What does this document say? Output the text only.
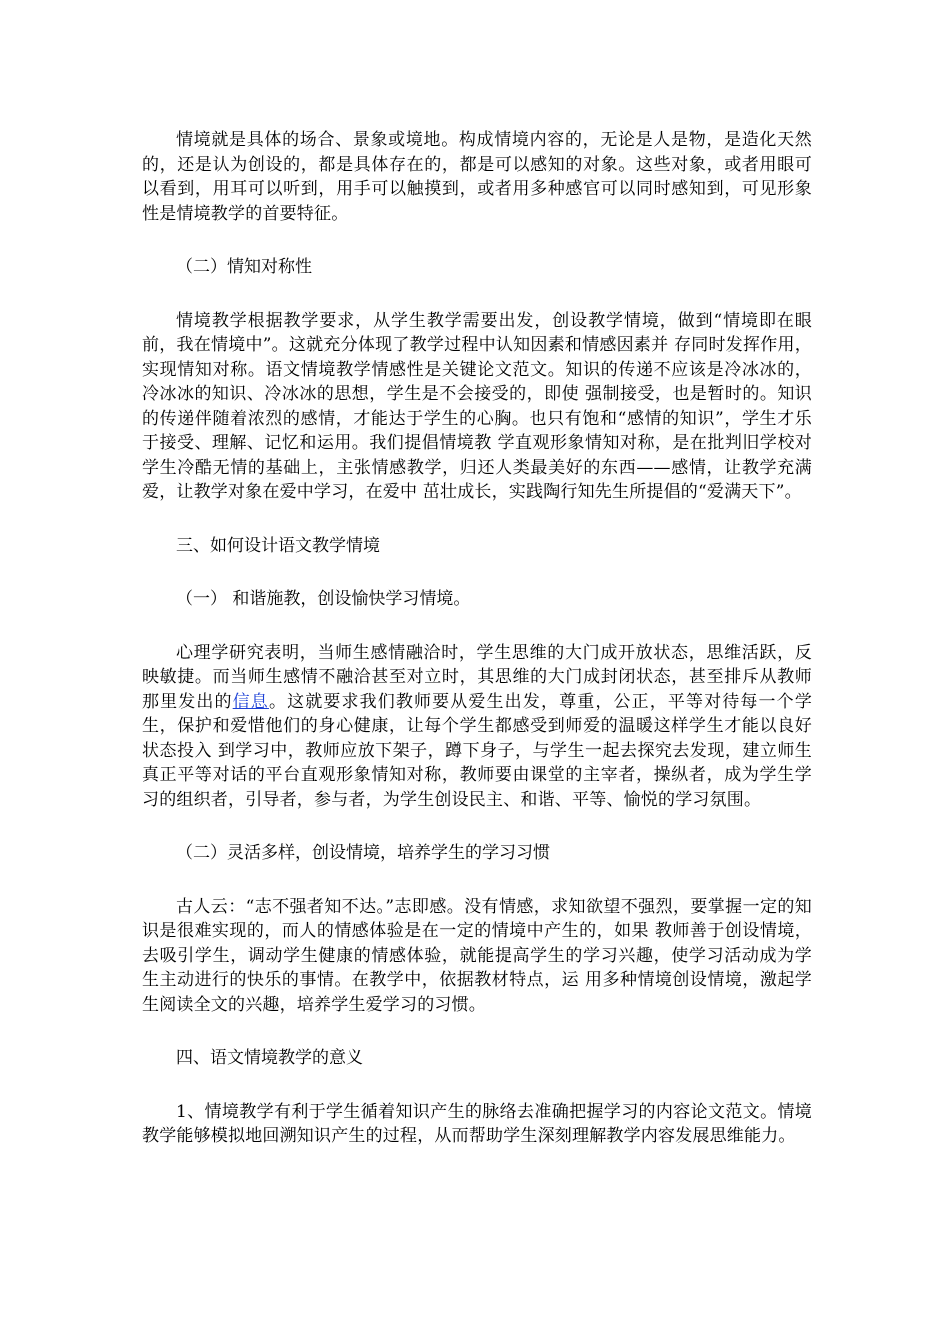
情境就是具体的场合、景象或境地。构成情境内容的，无论是人是物，是造化天然的，还是认为创设的，都是具体存在的，都是可以感知的对象。这些对象，或者用眼可以看到，用耳可以听到，用手可以触摸到，或者用多种感官可以同时感知到，可见形象性是情境教学的首要特征。

（二）情知对称性

情境教学根据教学要求，从学生教学需要出发，创设教学情境，做到“情境即在眼前，我在情境中”。这就充分体现了教学过程中认知因素和情感因素并 存同时发挥作用，实现情知对称。语文情境教学情感性是关键论文范文。知识的传递不应该是冷冰冰的，冷冰冰的知识、冷冰冰的思想，学生是不会接受的，即使 强制接受，也是暂时的。知识的传递伴随着浓烈的感情，才能达于学生的心胸。也只有饱和“感情的知识”，学生才乐于接受、理解、记忆和运用。我们提倡情境教 学直观形象情知对称，是在批判旧学校对学生冷酷无情的基础上，主张情感教学，归还人类最美好的东西——感情，让教学充满爱，让教学对象在爱中学习，在爱中 茁壮成长，实践陶行知先生所提倡的“爱满天下”。

三、如何设计语文教学情境

（一） 和谐施教，创设愉快学习情境。

心理学研究表明，当师生感情融洽时，学生思维的大门成开放状态，思维活跃，反映敏捷。而当师生感情不融洽甚至对立时，其思维的大门成封闭状态，甚至排斥从教师那里发出的信息。这就要求我们教师要从爱生出发，尊重，公正，平等对待每一个学生，保护和爱惜他们的身心健康，让每个学生都感受到师爱的温暖这样学生才能以良好状态投入 到学习中，教师应放下架子，蹲下身子，与学生一起去探究去发现，建立师生真正平等对话的平台直观形象情知对称，教师要由课堂的主宰者，操纵者，成为学生学 习的组织者，引导者，参与者，为学生创设民主、和谐、平等、愉悦的学习氛围。

（二）灵活多样，创设情境，培养学生的学习习惯

古人云：“志不强者知不达。”志即感。没有情感，求知欲望不强烈，要掌握一定的知识是很难实现的，而人的情感体验是在一定的情境中产生的，如果 教师善于创设情境，去吸引学生，调动学生健康的情感体验，就能提高学生的学习兴趣，使学习活动成为学生主动进行的快乐的事情。在教学中，依据教材特点，运 用多种情境创设情境，激起学生阅读全文的兴趣，培养学生爱学习的习惯。

四、语文情境教学的意义

1、情境教学有利于学生循着知识产生的脉络去准确把握学习的内容论文范文。情境教学能够模拟地回溯知识产生的过程，从而帮助学生深刻理解教学内容发展思维能力。
